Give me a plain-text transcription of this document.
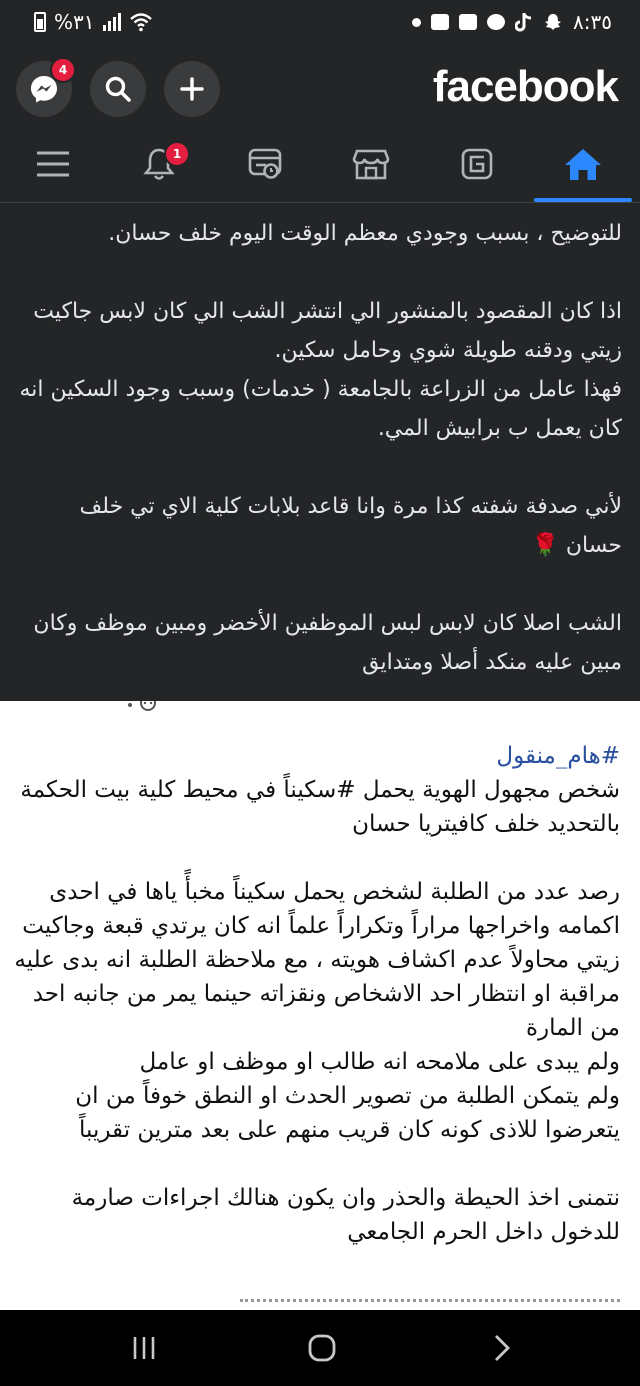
%٣١	٨:٣٥
4	facebook
1

للتوضيح ، بسبب وجودي معظم الوقت اليوم خلف حسان.

اذا كان المقصود بالمنشور الي انتشر الشب الي كان لابس جاكيت زيتي ودقنه طويلة شوي وحامل سكين.
فهذا عامل من الزراعة بالجامعة ( خدمات) وسبب وجود السكين انه كان يعمل ب برابيش المي.

لأني صدفة شفته كذا مرة وانا قاعد بلابات كلية الاي تي خلف حسان 🌹

الشب اصلا كان لابس لبس الموظفين الأخضر ومبين موظف وكان مبين عليه منكد أصلا ومتدايق

#هام_منقول

شخص مجهول الهوية يحمل #سكيناً في محيط كلية بيت الحكمة بالتحديد خلف كافيتريا حسان

رصد عدد من الطلبة لشخص يحمل سكيناً مخبأً ياها في احدى اكمامه واخراجها مراراً وتكراراً علماً انه كان يرتدي قبعة وجاكيت زيتي محاولاً عدم اكشاف هويته ، مع ملاحظة الطلبة انه بدى عليه مراقبة او انتظار احد الاشخاص ونقزاته حينما يمر من جانبه احد من المارة
ولم يبدى على ملامحه انه طالب او موظف او عامل
ولم يتمكن الطلبة من تصوير الحدث او النطق خوفاً من ان يتعرضوا للاذى كونه كان قريب منهم على بعد مترين تقريباً

نتمنى اخذ الحيطة والحذر وان يكون هنالك اجراءات صارمة للدخول داخل الحرم الجامعي
